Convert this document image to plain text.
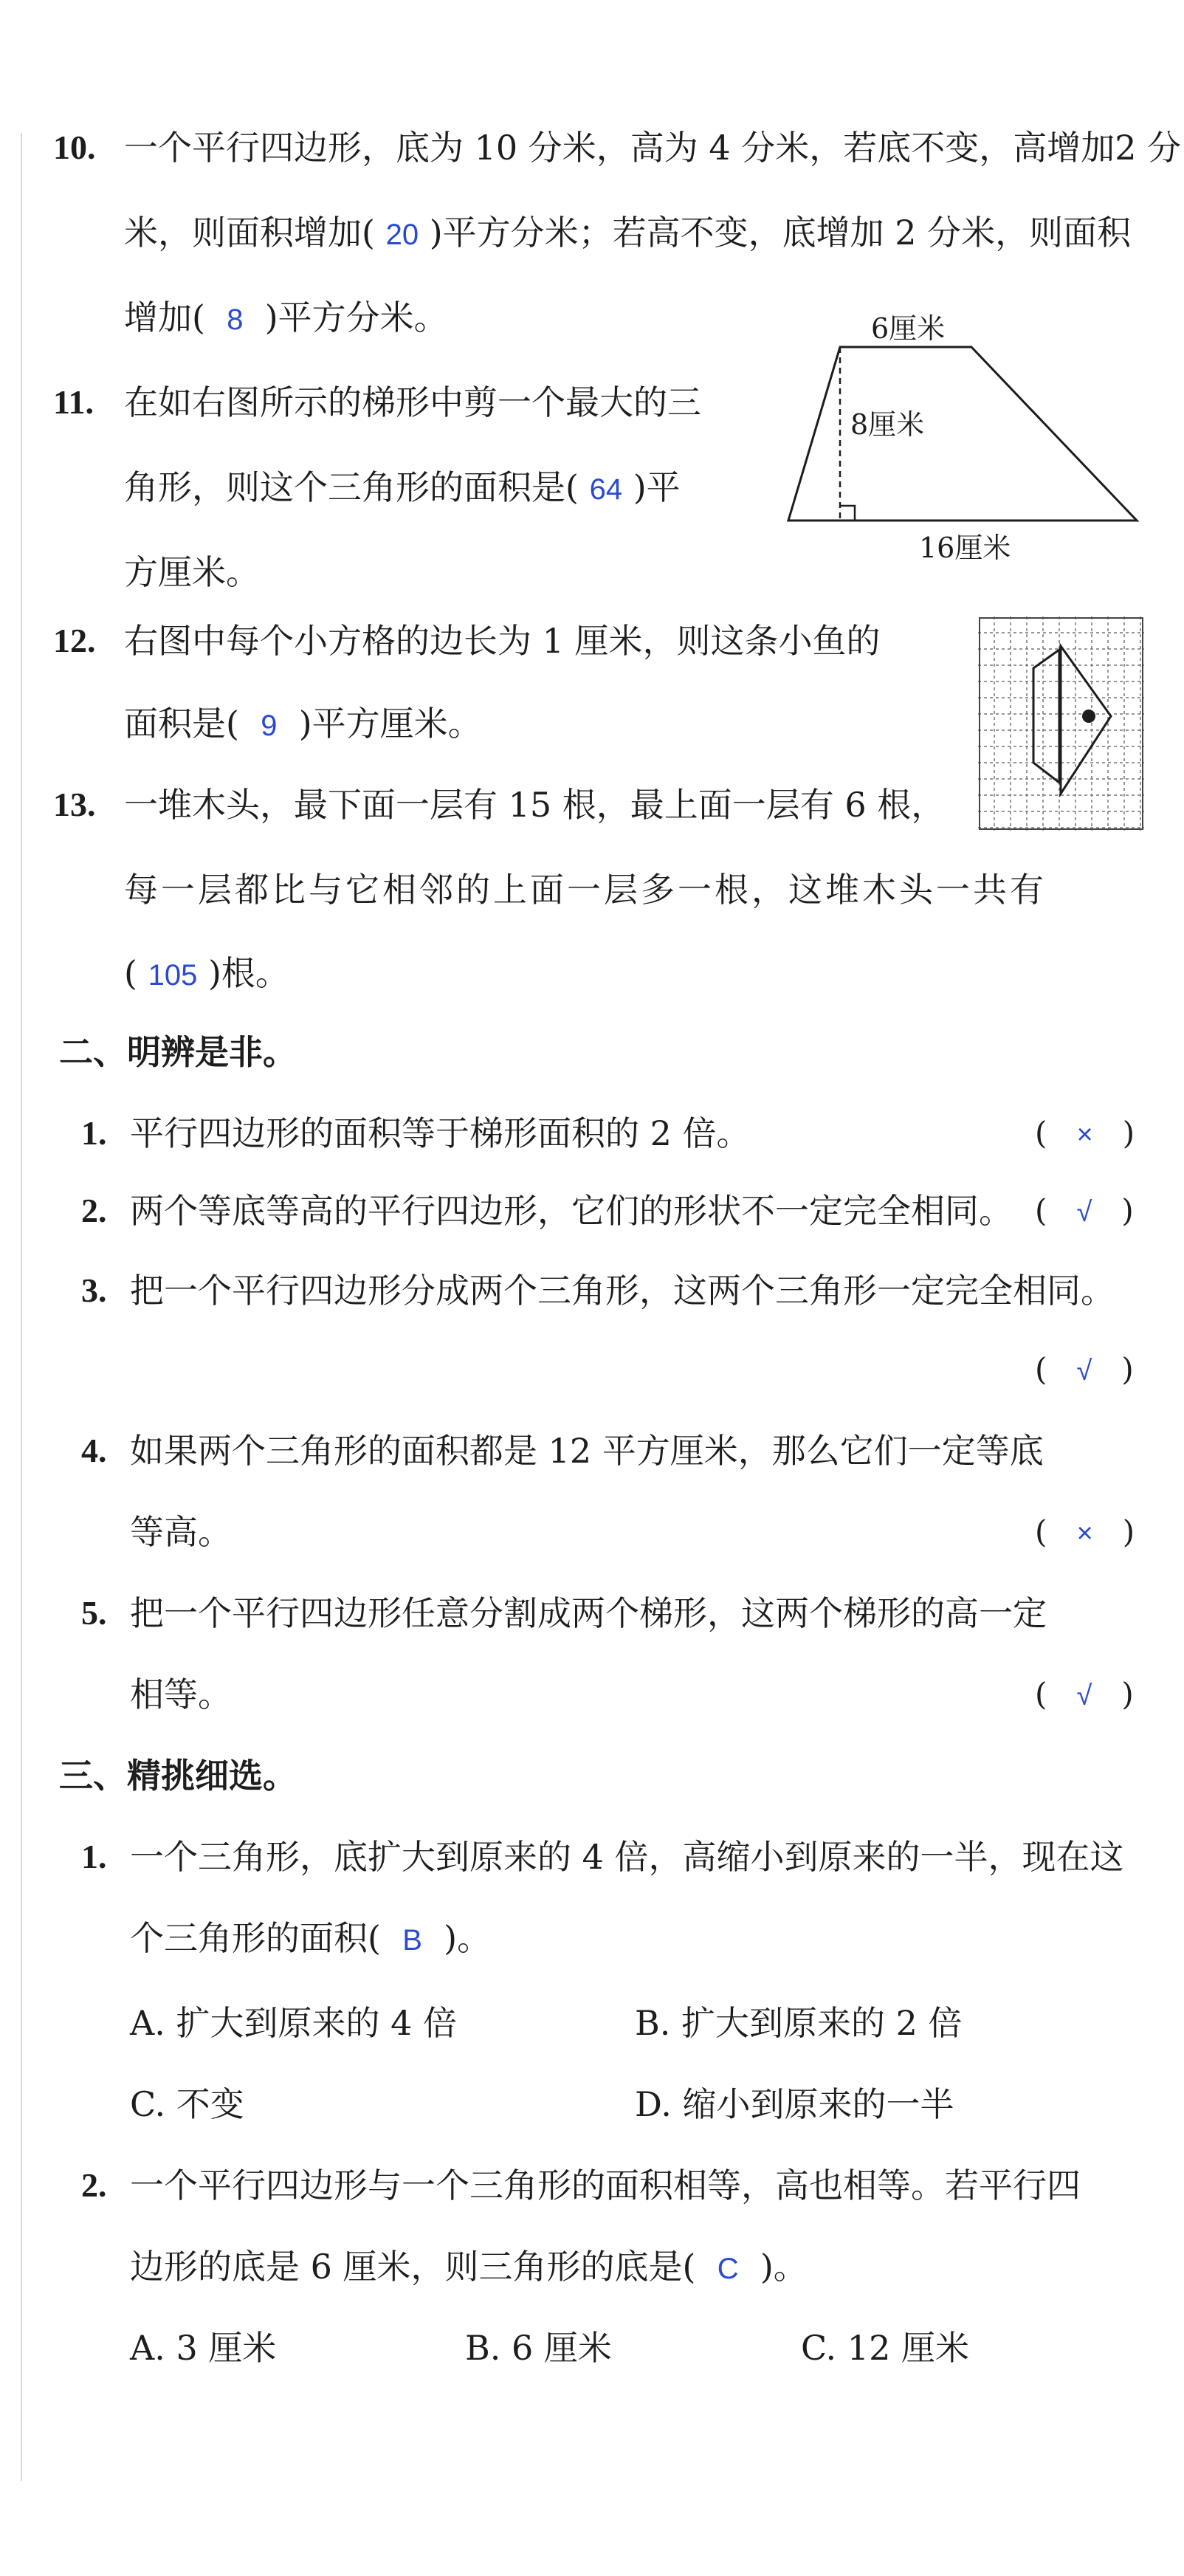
10. 一个平行四边形，底为 10 分米，高为 4 分米，若底不变，高增加2 分
米，则面积增加( 20 )平方分米；若高不变，底增加 2 分米，则面积
增加( 8 )平方分米。	6厘米
8厘米
16厘米
11. 在如右图所示的梯形中剪一个最大的三
角形，则这个三角形的面积是( 64 )平
方厘米。
12. 右图中每个小方格的边长为 1 厘米，则这条小鱼的
面积是( 9 )平方厘米。
13. 一堆木头，最下面一层有 15 根，最上面一层有 6 根，
每一层都比与它相邻的上面一层多一根，这堆木头一共有
( 105 )根。
二、明辨是非。
1. 平行四边形的面积等于梯形面积的 2 倍。	(   ×   )
2. 两个等底等高的平行四边形，它们的形状不一定完全相同。 (   √   )
3. 把一个平行四边形分成两个三角形，这两个三角形一定完全相同。
(   √   )
4. 如果两个三角形的面积都是 12 平方厘米，那么它们一定等底
等高。	(   ×   )
5. 把一个平行四边形任意分割成两个梯形，这两个梯形的高一定
相等。	(   √   )
三、精挑细选。
1. 一个三角形，底扩大到原来的 4 倍，高缩小到原来的一半，现在这
个三角形的面积( B )。
A. 扩大到原来的 4 倍	B. 扩大到原来的 2 倍
C. 不变	D. 缩小到原来的一半
2. 一个平行四边形与一个三角形的面积相等，高也相等。若平行四
边形的底是 6 厘米，则三角形的底是( C )。
A. 3 厘米	B. 6 厘米	C. 12 厘米
